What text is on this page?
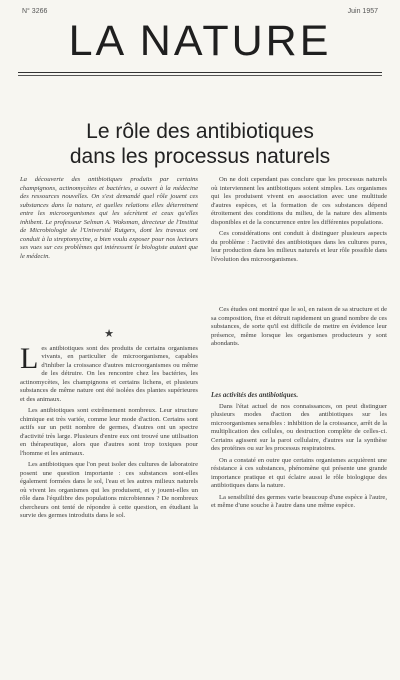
N° 3266	Juin 1957
LA NATURE
Le rôle des antibiotiques
dans les processus naturels
La découverte des antibiotiques produits par certains champignons, actinomycètes et bactéries, a ouvert à la médecine des ressources nouvelles. On s'est demandé quel rôle jouent ces substances dans la nature, et quelles relations elles déterminent entre les microorganismes qui les sécrètent et ceux qu'elles inhibent. Le professeur Selman A. Waksman, directeur de l'Institut de Microbiologie de l'Université Rutgers, dont les travaux ont conduit à la streptomycine, a bien voulu exposer pour nos lecteurs ses vues sur ces problèmes qui intéressent le biologiste autant que le médecin.
★
L es antibiotiques sont des produits de certains organismes vivants, en particulier de microorganismes, capables d'inhiber la croissance d'autres microorganismes ou même de les détruire. On les rencontre chez les bactéries, les actinomycètes, les champignons et certains lichens, et plusieurs substances de même nature ont été isolées des plantes supérieures et des animaux.

Les antibiotiques sont extrêmement nombreux. Leur structure chimique est très variée, comme leur mode d'action. Certains sont actifs sur un petit nombre de germes, d'autres ont un spectre d'activité très large. Plusieurs d'entre eux ont trouvé une utilisation en thérapeutique, alors que d'autres sont trop toxiques pour l'homme et les animaux.

Les antibiotiques que l'on peut isoler des cultures de laboratoire posent une question importante : ces substances sont-elles également formées dans le sol, l'eau et les autres milieux naturels où vivent les organismes qui les produisent, et y jouent-elles un rôle dans l'équilibre des populations microbiennes ? De nombreux chercheurs ont tenté de répondre à cette question, en étudiant la survie des germes introduits dans le sol.

On ne doit cependant pas conclure que les processus naturels où interviennent les antibiotiques soient simples. Les organismes qui les produisent vivent en association avec une multitude d'autres espèces, et la formation de ces substances dépend étroitement des conditions du milieu, de la nature des aliments disponibles et de la concurrence entre les différentes populations.

Ces considérations ont conduit à distinguer plusieurs aspects du problème : l'activité des antibiotiques dans les cultures pures, leur production dans les milieux naturels et leur rôle possible dans l'évolution des microorganismes.

Ces études ont montré que le sol, en raison de sa structure et de sa composition, fixe et détruit rapidement un grand nombre de ces substances, de sorte qu'il est difficile de mettre en évidence leur présence, même lorsque les organismes producteurs y sont abondants.

Les activités des antibiotiques.

Dans l'état actuel de nos connaissances, on peut distinguer plusieurs modes d'action des antibiotiques sur les microorganismes sensibles : inhibition de la croissance, arrêt de la multiplication des cellules, ou destruction complète de celles-ci. Certains agissent sur la paroi cellulaire, d'autres sur la synthèse des protéines ou sur les processus respiratoires.

On a constaté en outre que certains organismes acquièrent une résistance à ces substances, phénomène qui présente une grande importance pratique et qui éclaire aussi le rôle biologique des antibiotiques dans la nature.

La sensibilité des germes varie beaucoup d'une espèce à l'autre, et même d'une souche à l'autre dans une même espèce.
